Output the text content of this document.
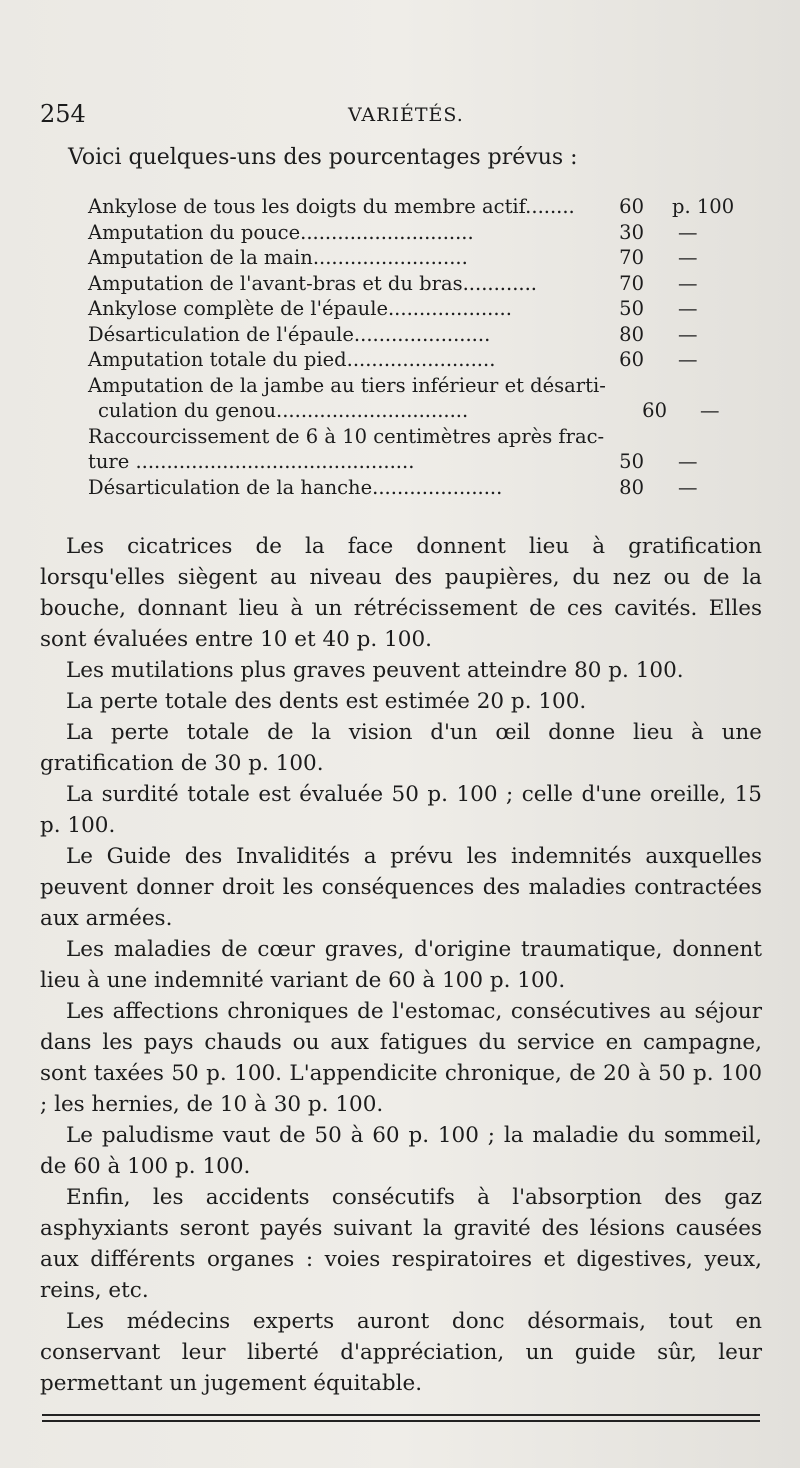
254	VARIÉTÉS.
Voici quelques-uns des pourcentages prévus :
Ankylose de tous les doigts du membre actif........	60 p. 100
Amputation du pouce............................	30 —
Amputation de la main.........................	70 —
Amputation de l'avant-bras et du bras............	70 —
Ankylose complète de l'épaule....................	50 —
Désarticulation de l'épaule......................	80 —
Amputation totale du pied........................	60 —
Amputation de la jambe au tiers inférieur et désarti-
culation du genou...............................	60 —
Raccourcissement de 6 à 10 centimètres après frac-
ture .............................................	50 —
Désarticulation de la hanche.....................	80 —

Les cicatrices de la face donnent lieu à gratification lorsqu'elles siègent au niveau des paupières, du nez ou de la bouche, donnant lieu à un rétrécissement de ces cavités. Elles sont évaluées entre 10 et 40 p. 100.

Les mutilations plus graves peuvent atteindre 80 p. 100.

La perte totale des dents est estimée 20 p. 100.

La perte totale de la vision d'un œil donne lieu à une gratification de 30 p. 100.

La surdité totale est évaluée 50 p. 100 ; celle d'une oreille, 15 p. 100.

Le Guide des Invalidités a prévu les indemnités auxquelles peuvent donner droit les conséquences des maladies contractées aux armées.

Les maladies de cœur graves, d'origine traumatique, donnent lieu à une indemnité variant de 60 à 100 p. 100.

Les affections chroniques de l'estomac, consécutives au séjour dans les pays chauds ou aux fatigues du service en campagne, sont taxées 50 p. 100. L'appendicite chronique, de 20 à 50 p. 100 ; les hernies, de 10 à 30 p. 100.

Le paludisme vaut de 50 à 60 p. 100 ; la maladie du sommeil, de 60 à 100 p. 100.

Enfin, les accidents consécutifs à l'absorption des gaz asphyxiants seront payés suivant la gravité des lésions causées aux différents organes : voies respiratoires et digestives, yeux, reins, etc.

Les médecins experts auront donc désormais, tout en conservant leur liberté d'appréciation, un guide sûr, leur permettant un jugement équitable.
